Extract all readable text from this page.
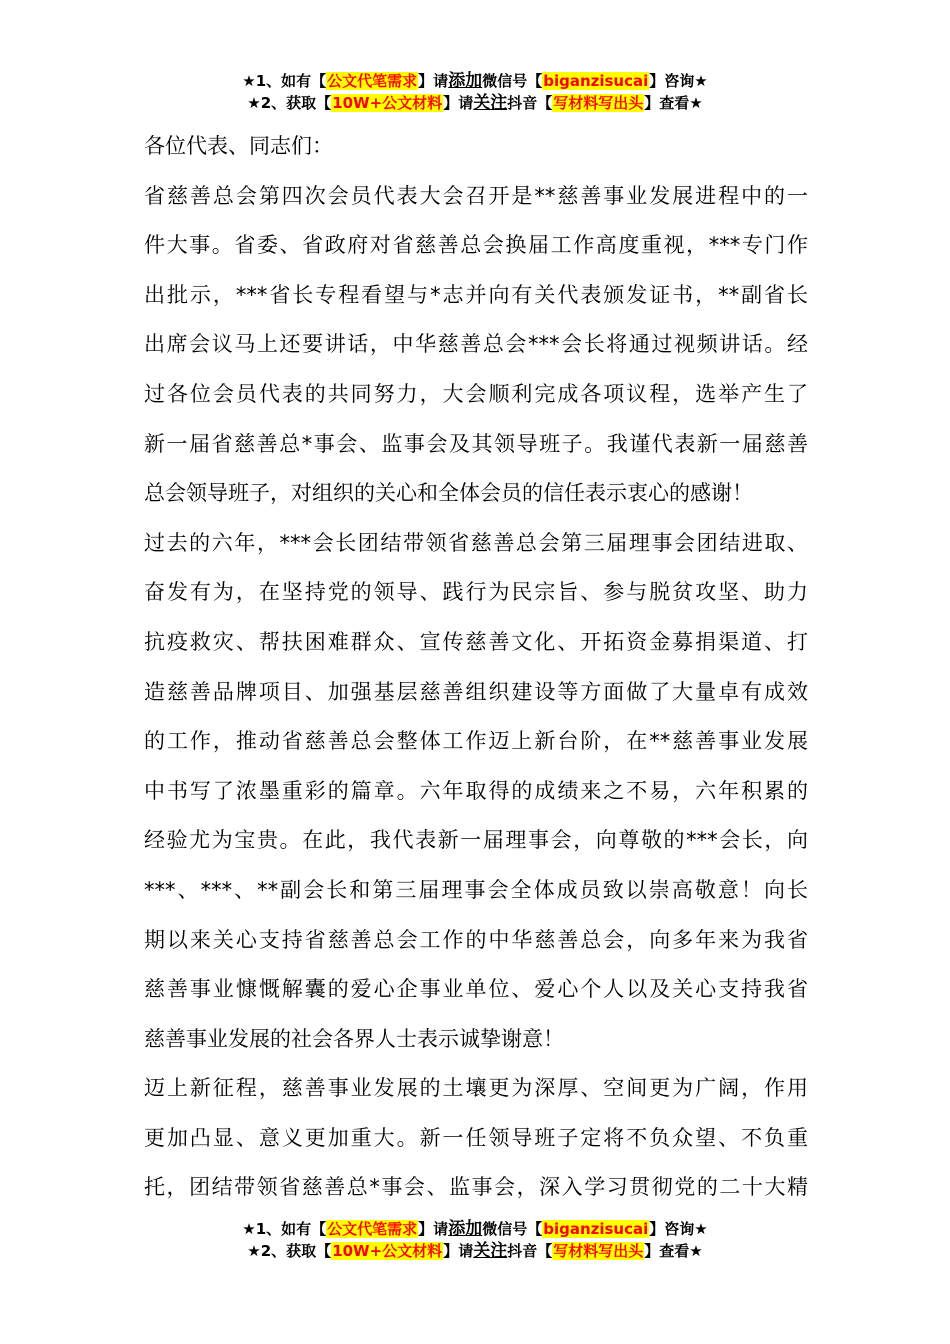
★1、如有【公文代笔需求】请添加微信号【biganzisucai】咨询★
★2、获取【10W+公文材料】请关注抖音【写材料写出头】查看★
各位代表、同志们：
省慈善总会第四次会员代表大会召开是**慈善事业发展进程中的一
件大事。省委、省政府对省慈善总会换届工作高度重视，***专门作
出批示，***省长专程看望与*志并向有关代表颁发证书，**副省长
出席会议马上还要讲话，中华慈善总会***会长将通过视频讲话。经
过各位会员代表的共同努力，大会顺利完成各项议程，选举产生了
新一届省慈善总*事会、监事会及其领导班子。我谨代表新一届慈善
总会领导班子，对组织的关心和全体会员的信任表示衷心的感谢！
过去的六年，***会长团结带领省慈善总会第三届理事会团结进取、
奋发有为，在坚持党的领导、践行为民宗旨、参与脱贫攻坚、助力
抗疫救灾、帮扶困难群众、宣传慈善文化、开拓资金募捐渠道、打
造慈善品牌项目、加强基层慈善组织建设等方面做了大量卓有成效
的工作，推动省慈善总会整体工作迈上新台阶，在**慈善事业发展
中书写了浓墨重彩的篇章。六年取得的成绩来之不易，六年积累的
经验尤为宝贵。在此，我代表新一届理事会，向尊敬的***会长，向
***、***、**副会长和第三届理事会全体成员致以崇高敬意！向长
期以来关心支持省慈善总会工作的中华慈善总会，向多年来为我省
慈善事业慷慨解囊的爱心企事业单位、爱心个人以及关心支持我省
慈善事业发展的社会各界人士表示诚挚谢意！
迈上新征程，慈善事业发展的土壤更为深厚、空间更为广阔，作用
更加凸显、意义更加重大。新一任领导班子定将不负众望、不负重
托，团结带领省慈善总*事会、监事会，深入学习贯彻党的二十大精
★1、如有【公文代笔需求】请添加微信号【biganzisucai】咨询★
★2、获取【10W+公文材料】请关注抖音【写材料写出头】查看★
